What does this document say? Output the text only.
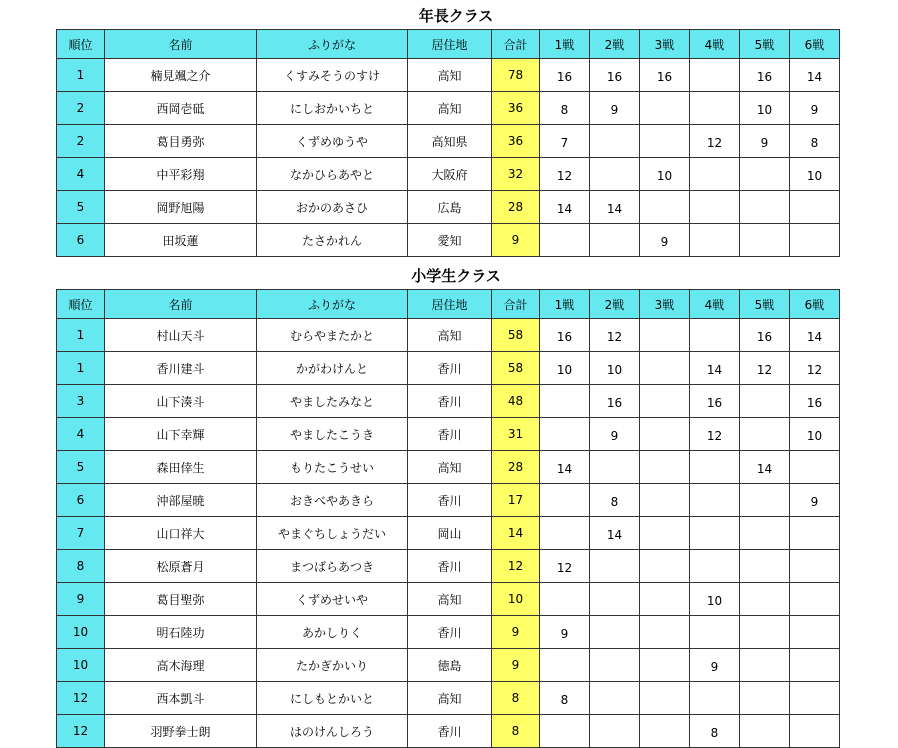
年長クラス
順位	名前	ふりがな	居住地	合計	1戦	2戦	3戦	4戦	5戦	6戦
1	楠見颯之介	くすみそうのすけ	高知	78	16	16	16		16	14
2	西岡壱砥	にしおかいちと	高知	36	8	9			10	9
2	葛目勇弥	くずめゆうや	高知県	36	7			12	9	8
4	中平彩翔	なかひらあやと	大阪府	32	12		10			10
5	岡野旭陽	おかのあさひ	広島	28	14	14				
6	田坂蓮	たさかれん	愛知	9			9			
小学生クラス
順位	名前	ふりがな	居住地	合計	1戦	2戦	3戦	4戦	5戦	6戦
1	村山天斗	むらやまたかと	高知	58	16	12			16	14
1	香川建斗	かがわけんと	香川	58	10	10		14	12	12
3	山下湊斗	やましたみなと	香川	48		16		16		16
4	山下幸輝	やましたこうき	香川	31		9		12		10
5	森田倖生	もりたこうせい	高知	28	14				14	
6	沖部屋暁	おきべやあきら	香川	17		8				9
7	山口祥大	やまぐちしょうだい	岡山	14		14				
8	松原蒼月	まつばらあつき	香川	12	12					
9	葛目聖弥	くずめせいや	高知	10				10		
10	明石陸功	あかしりく	香川	9	9					
10	高木海理	たかぎかいり	徳島	9				9		
12	西本凱斗	にしもとかいと	高知	8	8					
12	羽野拳士朗	はのけんしろう	香川	8				8		
